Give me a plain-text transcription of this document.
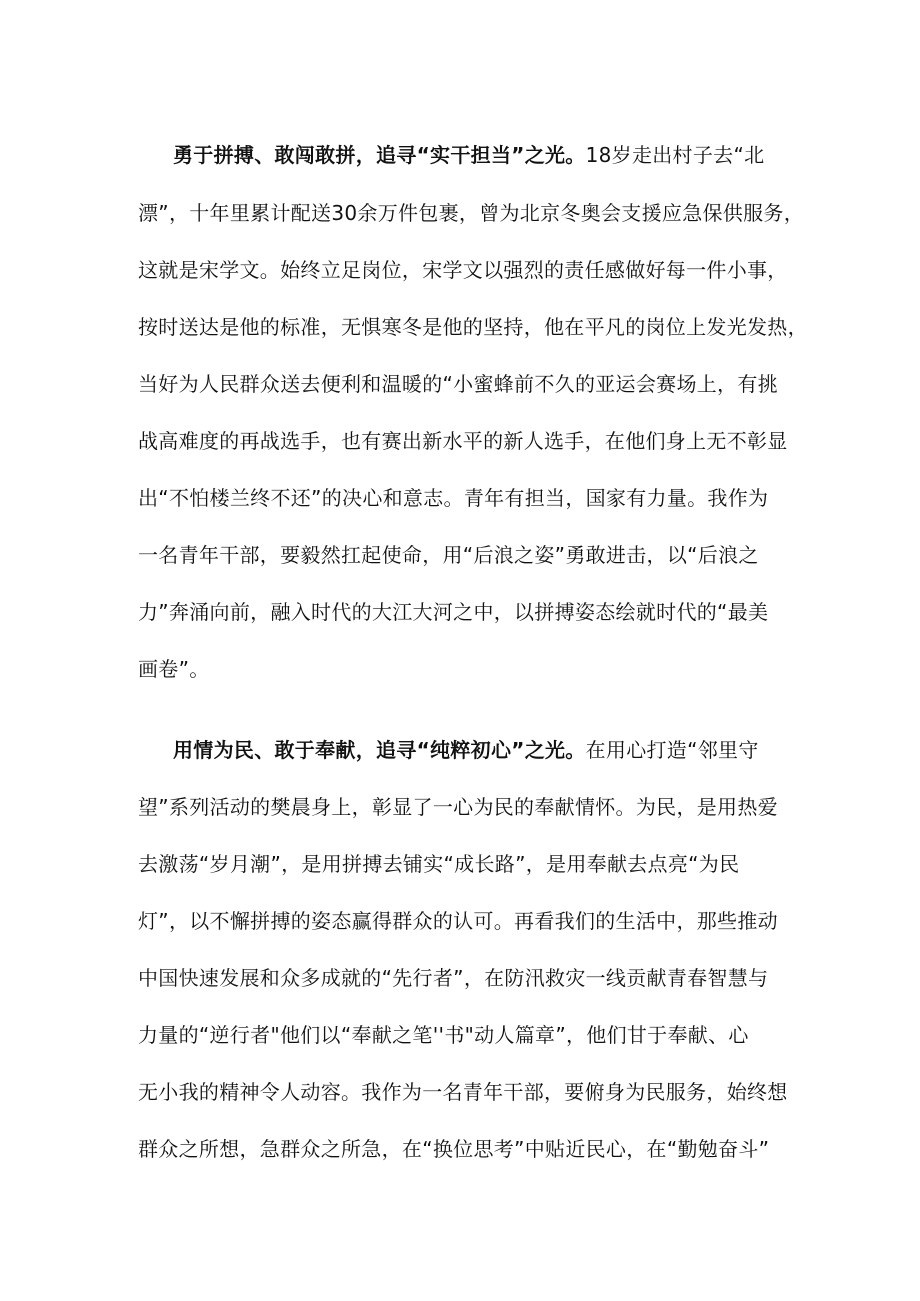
勇于拼搏、敢闯敢拼，追寻“实干担当”之光。18岁走出村子去“北
漂”，十年里累计配送30余万件包裹，曾为北京冬奥会支援应急保供服务，
这就是宋学文。始终立足岗位，宋学文以强烈的责任感做好每一件小事，
按时送达是他的标准，无惧寒冬是他的坚持，他在平凡的岗位上发光发热，
当好为人民群众送去便利和温暖的“小蜜蜂前不久的亚运会赛场上，有挑
战高难度的再战选手，也有赛出新水平的新人选手，在他们身上无不彰显
出“不怕楼兰终不还”的决心和意志。青年有担当，国家有力量。我作为
一名青年干部，要毅然扛起使命，用“后浪之姿”勇敢进击，以“后浪之
力”奔涌向前，融入时代的大江大河之中，以拼搏姿态绘就时代的“最美
画卷”。
用情为民、敢于奉献，追寻“纯粹初心”之光。在用心打造“邻里守
望”系列活动的樊晨身上，彰显了一心为民的奉献情怀。为民，是用热爱
去激荡“岁月潮”，是用拼搏去铺实“成长路”，是用奉献去点亮“为民
灯”，以不懈拼搏的姿态赢得群众的认可。再看我们的生活中，那些推动
中国快速发展和众多成就的“先行者”，在防汛救灾一线贡献青春智慧与
力量的“逆行者"他们以“奉献之笔''书"动人篇章”，他们甘于奉献、心
无小我的精神令人动容。我作为一名青年干部，要俯身为民服务，始终想
群众之所想，急群众之所急，在“换位思考”中贴近民心，在“勤勉奋斗”
